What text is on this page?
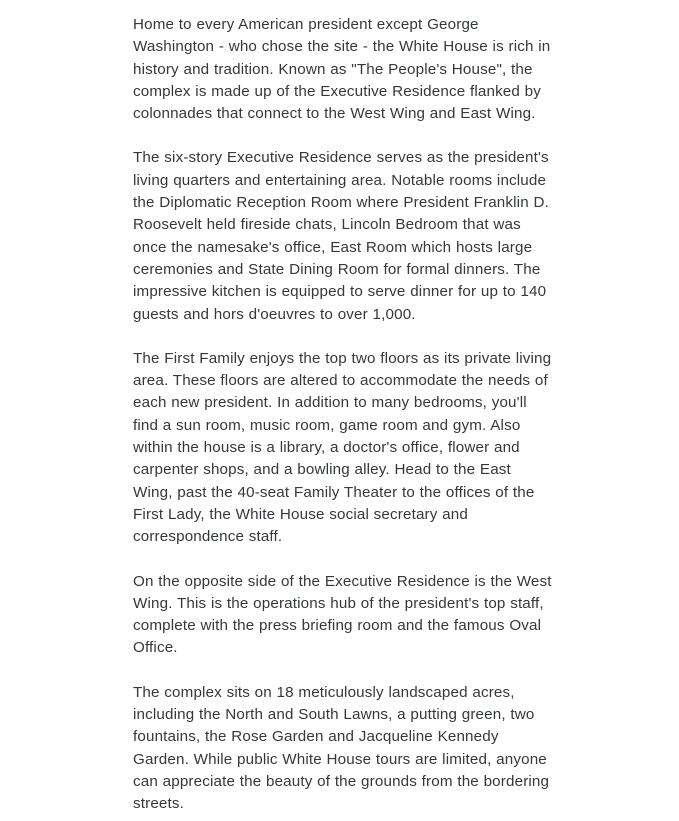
Home to every American president except George Washington - who chose the site - the White House is rich in history and tradition. Known as "The People's House", the complex is made up of the Executive Residence flanked by colonnades that connect to the West Wing and East Wing.

The six-story Executive Residence serves as the president's living quarters and entertaining area. Notable rooms include the Diplomatic Reception Room where President Franklin D. Roosevelt held fireside chats, Lincoln Bedroom that was once the namesake's office, East Room which hosts large ceremonies and State Dining Room for formal dinners. The impressive kitchen is equipped to serve dinner for up to 140 guests and hors d'oeuvres to over 1,000.

The First Family enjoys the top two floors as its private living area. These floors are altered to accommodate the needs of each new president. In addition to many bedrooms, you'll find a sun room, music room, game room and gym. Also within the house is a library, a doctor's office, flower and carpenter shops, and a bowling alley. Head to the East Wing, past the 40-seat Family Theater to the offices of the First Lady, the White House social secretary and correspondence staff.

On the opposite side of the Executive Residence is the West Wing. This is the operations hub of the president's top staff, complete with the press briefing room and the famous Oval Office.

The complex sits on 18 meticulously landscaped acres, including the North and South Lawns, a putting green, two fountains, the Rose Garden and Jacqueline Kennedy Garden. While public White House tours are limited, anyone can appreciate the beauty of the grounds from the bordering streets.
